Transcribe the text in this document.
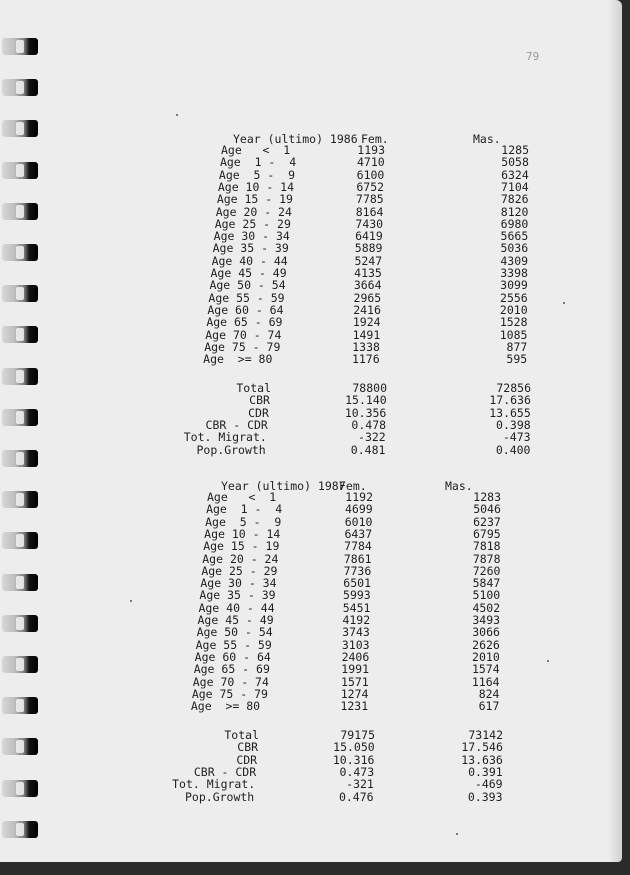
79
Year (ultimo) 1986 Fem.	Mas.
Age   <  1	1193	1285
Age  1 -  4	4710	5058
Age  5 -  9	6100	6324
Age 10 - 14	6752	7104
Age 15 - 19	7785	7826
Age 20 - 24	8164	8120
Age 25 - 29	7430	6980
Age 30 - 34	6419	5665
Age 35 - 39	5889	5036
Age 40 - 44	5247	4309
Age 45 - 49	4135	3398
Age 50 - 54	3664	3099
Age 55 - 59	2965	2556
Age 60 - 64	2416	2010
Age 65 - 69	1924	1528
Age 70 - 74	1491	1085
Age 75 - 79	1338	877
Age  >= 80	1176	595
Total	78800	72856
CBR	15.140	17.636
CDR	10.356	13.655
CBR - CDR	0.478	0.398
Tot. Migrat.	-322	-473
Pop.Growth	0.481	0.400
Year (ultimo) 1987
Fem.	Mas.
Age   <  1	1192	1283
Age  1 -  4	4699	5046
Age  5 -  9	6010	6237
Age 10 - 14	6437	6795
Age 15 - 19	7784	7818
Age 20 - 24	7861	7878
Age 25 - 29	7736	7260
Age 30 - 34	6501	5847
Age 35 - 39	5993	5100
Age 40 - 44	5451	4502
Age 45 - 49	4192	3493
Age 50 - 54	3743	3066
Age 55 - 59	3103	2626
Age 60 - 64	2406	2010
Age 65 - 69	1991	1574
Age 70 - 74	1571	1164
Age 75 - 79	1274	824
Age  >= 80	1231	617
Total	79175	73142
CBR	15.050	17.546
CDR	10.316	13.636
CBR - CDR	0.473	0.391
Tot. Migrat.	-321	-469
Pop.Growth	0.476	0.393
